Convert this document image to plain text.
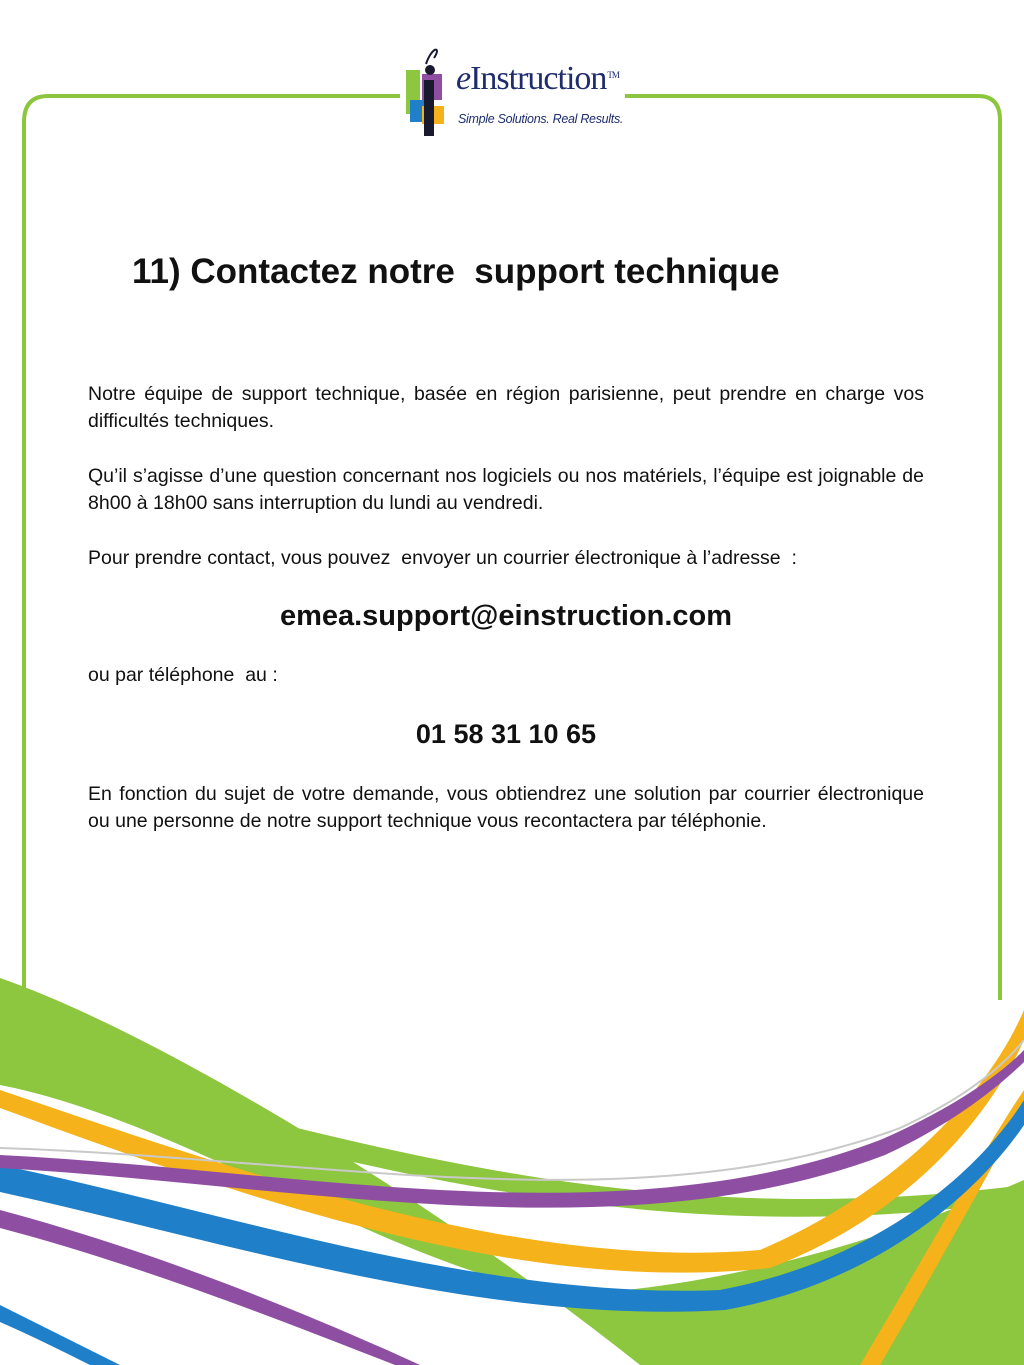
eInstruction™
Simple Solutions. Real Results.
11) Contactez notre  support technique

Notre équipe de support technique, basée en région parisienne, peut prendre en charge vos difficultés techniques.

Qu’il s’agisse d’une question concernant nos logiciels ou nos matériels, l’équipe est joignable de 8h00 à 18h00 sans interruption du lundi au vendredi.

Pour prendre contact, vous pouvez  envoyer un courrier électronique à l’adresse  :

emea.support@einstruction.com

ou par téléphone  au :

01 58 31 10 65

En fonction du sujet de votre demande, vous obtiendrez une solution par courrier électronique ou une personne de notre support technique vous recontactera par téléphonie.
